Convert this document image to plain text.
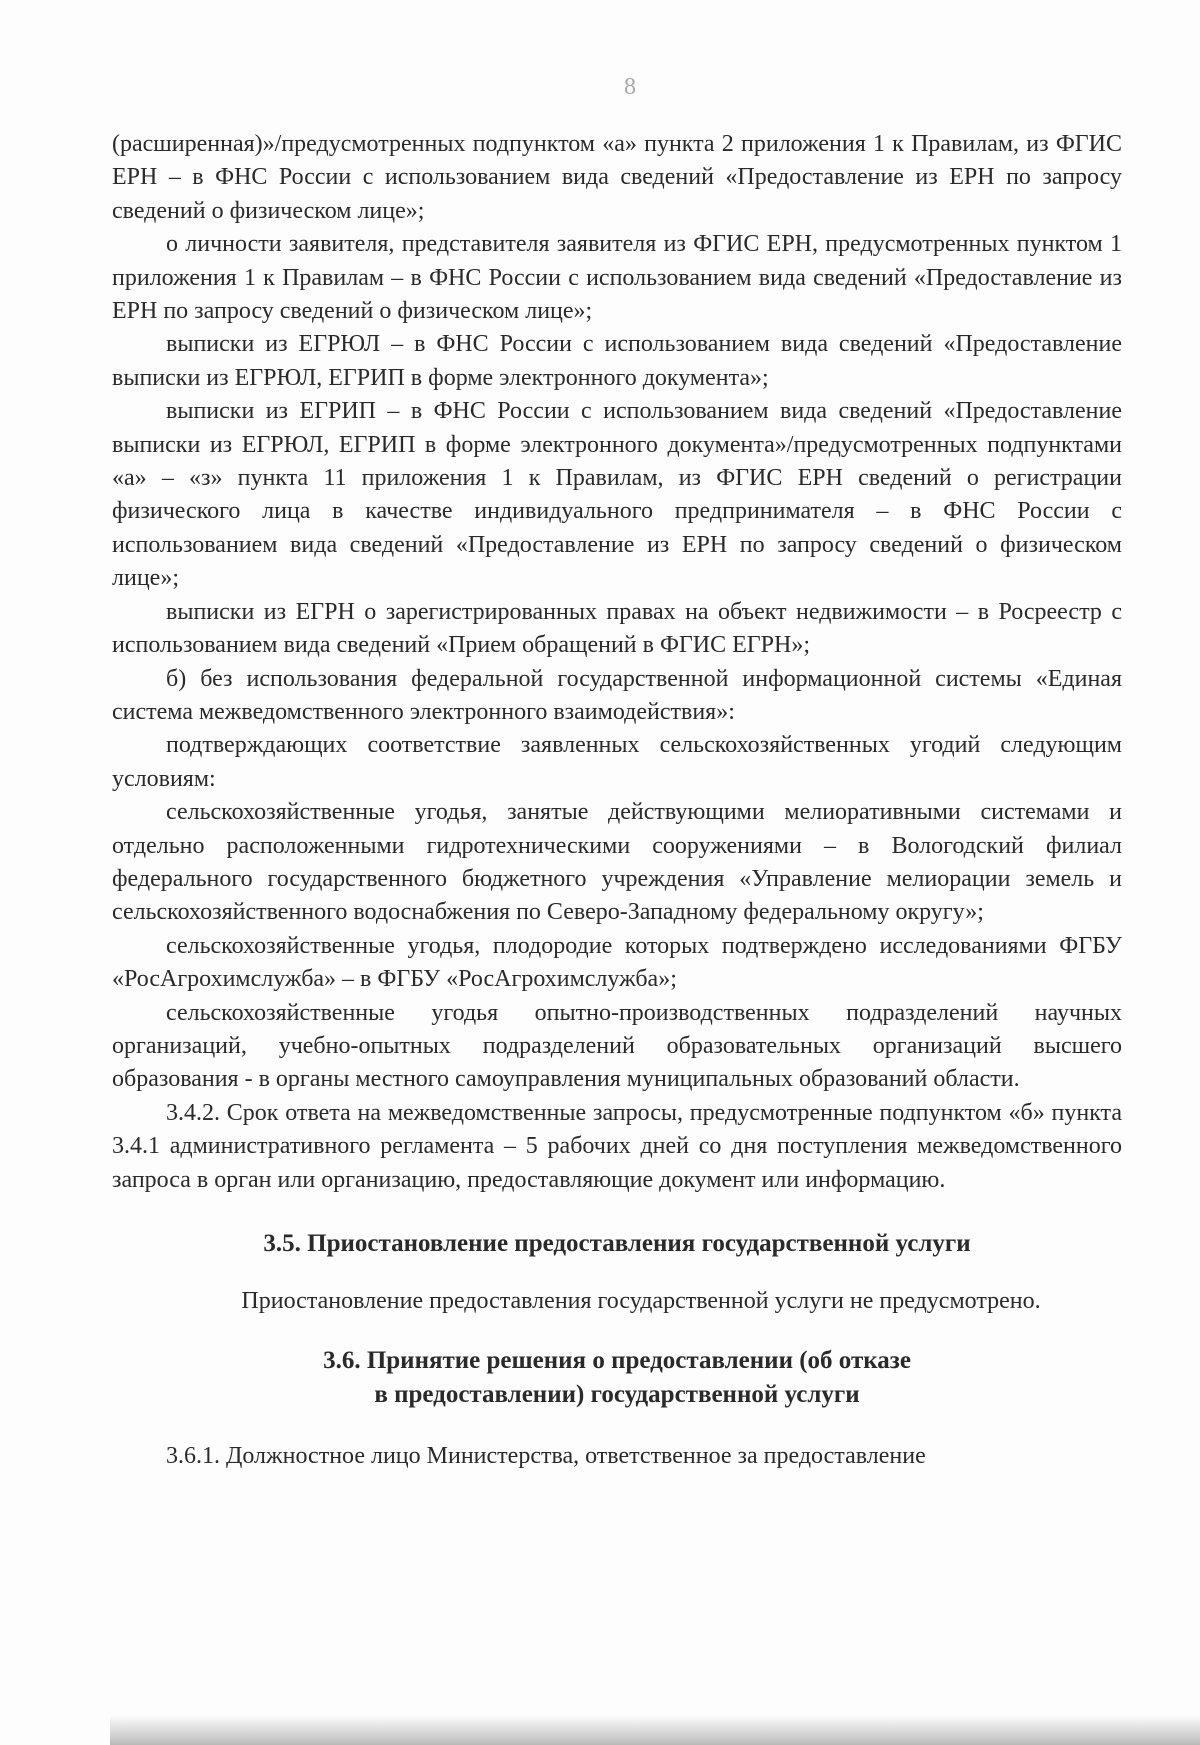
8

(расширенная)»/предусмотренных подпунктом «а» пункта 2 приложения 1 к Правилам, из ФГИС ЕРН – в ФНС России с использованием вида сведений «Предоставление из ЕРН по запросу сведений о физическом лице»;

о личности заявителя, представителя заявителя из ФГИС ЕРН, предусмотренных пунктом 1 приложения 1 к Правилам – в ФНС России с использованием вида сведений «Предоставление из ЕРН по запросу сведений о физическом лице»;

выписки из ЕГРЮЛ – в ФНС России с использованием вида сведений «Предоставление выписки из ЕГРЮЛ, ЕГРИП в форме электронного документа»;

выписки из ЕГРИП – в ФНС России с использованием вида сведений «Предоставление выписки из ЕГРЮЛ, ЕГРИП в форме электронного документа»/предусмотренных подпунктами «а» – «з» пункта 11 приложения 1 к Правилам, из ФГИС ЕРН сведений о регистрации физического лица в качестве индивидуального предпринимателя – в ФНС России с использованием вида сведений «Предоставление из ЕРН по запросу сведений о физическом лице»;

выписки из ЕГРН о зарегистрированных правах на объект недвижимости – в Росреестр с использованием вида сведений «Прием обращений в ФГИС ЕГРН»;

б) без использования федеральной государственной информационной системы «Единая система межведомственного электронного взаимодействия»:

подтверждающих соответствие заявленных сельскохозяйственных угодий следующим условиям:

сельскохозяйственные угодья, занятые действующими мелиоративными системами и отдельно расположенными гидротехническими сооружениями – в Вологодский филиал федерального государственного бюджетного учреждения «Управление мелиорации земель и сельскохозяйственного водоснабжения по Северо-Западному федеральному округу»;

сельскохозяйственные угодья, плодородие которых подтверждено исследованиями ФГБУ «РосАгрохимслужба» – в ФГБУ «РосАгрохимслужба»;

сельскохозяйственные угодья опытно-производственных подразделений научных организаций, учебно-опытных подразделений образовательных организаций высшего образования - в органы местного самоуправления муниципальных образований области.

3.4.2. Срок ответа на межведомственные запросы, предусмотренные подпунктом «б» пункта 3.4.1 административного регламента – 5 рабочих дней со дня поступления межведомственного запроса в орган или организацию, предоставляющие документ или информацию.

3.5. Приостановление предоставления государственной услуги

Приостановление предоставления государственной услуги не предусмотрено.

3.6. Принятие решения о предоставлении (об отказе

в предоставлении) государственной услуги

3.6.1. Должностное лицо Министерства, ответственное за предоставление
